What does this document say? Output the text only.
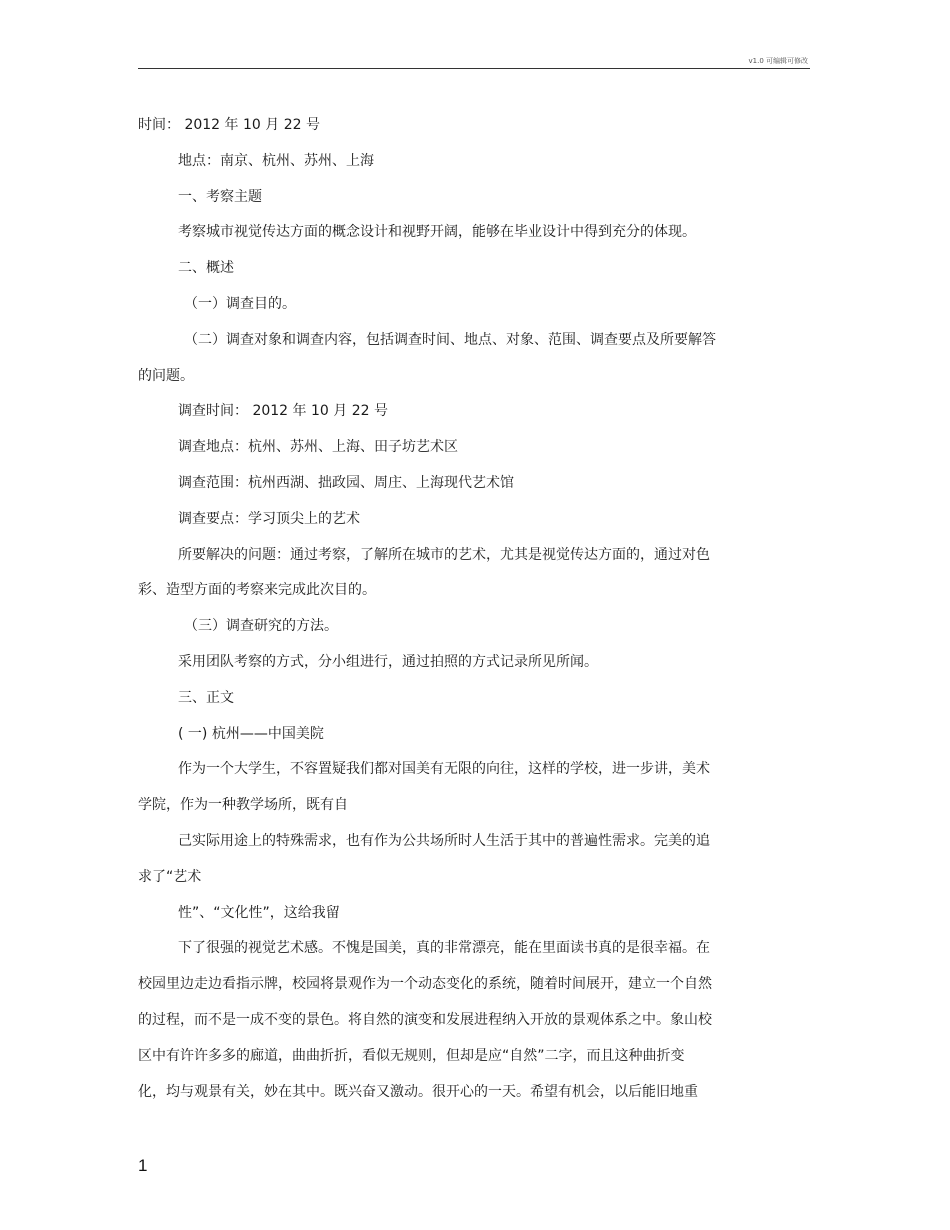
v1.0 可编辑可修改
时间： 2012 年 10 月 22 号
地点：南京、杭州、苏州、上海
一、考察主题
考察城市视觉传达方面的概念设计和视野开阔，能够在毕业设计中得到充分的体现。
二、概述
（一）调查目的。
（二）调查对象和调查内容，包括调查时间、地点、对象、范围、调查要点及所要解答
的问题。
调查时间： 2012 年 10 月 22 号
调查地点：杭州、苏州、上海、田子坊艺术区
调查范围：杭州西湖、拙政园、周庄、上海现代艺术馆
调查要点：学习顶尖上的艺术
所要解决的问题：通过考察，了解所在城市的艺术，尤其是视觉传达方面的，通过对色
彩、造型方面的考察来完成此次目的。
（三）调查研究的方法。
采用团队考察的方式，分小组进行，通过拍照的方式记录所见所闻。
三、正文
( 一) 杭州——中国美院
作为一个大学生，不容置疑我们都对国美有无限的向往，这样的学校，进一步讲，美术
学院，作为一种教学场所，既有自
己实际用途上的特殊需求，也有作为公共场所时人生活于其中的普遍性需求。完美的追
求了“艺术
性”、“文化性”，这给我留
下了很强的视觉艺术感。不愧是国美，真的非常漂亮，能在里面读书真的是很幸福。在
校园里边走边看指示牌，校园将景观作为一个动态变化的系统，随着时间展开，建立一个自然
的过程，而不是一成不变的景色。将自然的演变和发展进程纳入开放的景观体系之中。象山校
区中有许许多多的廊道，曲曲折折，看似无规则，但却是应“自然”二字，而且这种曲折变
化，均与观景有关，妙在其中。既兴奋又激动。很开心的一天。希望有机会，以后能旧地重
1
